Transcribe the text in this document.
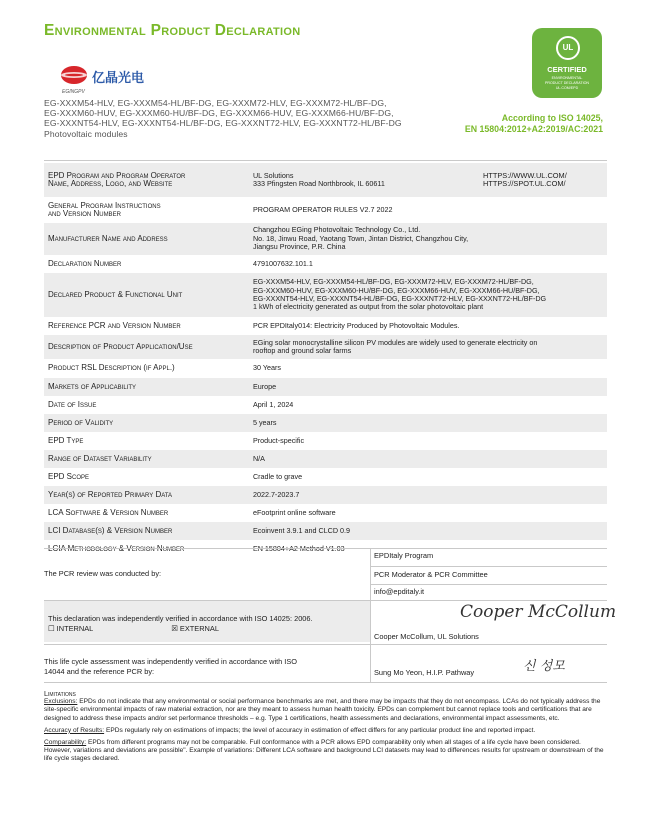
Environmental Product Declaration
UL
CERTIFIED
ENVIRONMENTAL
PRODUCT DECLARATION
UL.COM/EPD
亿晶光电
EGINGPV
EG-XXXM54-HLV, EG-XXXM54-HL/BF-DG, EG-XXXM72-HLV, EG-XXXM72-HL/BF-DG,
EG-XXXM60-HUV, EG-XXXM60-HU/BF-DG, EG-XXXM66-HUV, EG-XXXM66-HU/BF-DG,
EG-XXXNT54-HLV, EG-XXXNT54-HL/BF-DG, EG-XXXNT72-HLV, EG-XXXNT72-HL/BF-DG
Photovoltaic modules
According to ISO 14025,
EN 15804:2012+A2:2019/AC:2021
EPD Program and Program Operator
Name, Address, Logo, and Website

HTTPS://WWW.UL.COM/
HTTPS://SPOT.UL.COM/
UL Solutions
333 Pfingsten Road Northbrook, IL 60611

General Program Instructions
and Version Number	PROGRAM OPERATOR RULES V2.7 2022
Manufacturer Name and Address	
Changzhou EGing Photovoltaic Technology Co., Ltd.
No. 18, Jinwu Road, Yaotang Town, Jintan District, Changzhou City,
Jiangsu Province, P.R. China

Declaration Number	4791007632.101.1
Declared Product & Functional Unit	
EG-XXXM54-HLV, EG-XXXM54-HL/BF-DG, EG-XXXM72-HLV, EG-XXXM72-HL/BF-DG,
EG-XXXM60-HUV, EG-XXXM60-HU/BF-DG, EG-XXXM66-HUV, EG-XXXM66-HU/BF-DG,
EG-XXXNT54-HLV, EG-XXXNT54-HL/BF-DG, EG-XXXNT72-HLV, EG-XXXNT72-HL/BF-DG
1 kWh of electricity generated as output from the solar photovoltaic plant

Reference PCR and Version Number	PCR EPDItaly014: Electricity Produced by Photovoltaic Modules.
Description of Product Application/Use	EGing solar monocrystalline silicon PV modules are widely used to generate electricity on
rooftop and ground solar farms

Product RSL Description (if Appl.)	30 Years
Markets of Applicability	Europe
Date of Issue	April 1, 2024
Period of Validity	5 years
EPD Type	Product-specific
Range of Dataset Variability	N/A
EPD Scope	Cradle to grave
Year(s) of Reported Primary Data	2022.7-2023.7
LCA Software & Version Number	eFootprint online software
LCI Database(s) & Version Number	Ecoinvent 3.9.1 and CLCD 0.9
LCIA Methodology & Version Number	EN 15804+A2 Method V1.03
The PCR review was conducted by:
EPDItaly Program
PCR Moderator & PCR Committee
info@epditaly.it
This declaration was independently verified in accordance with ISO 14025: 2006.
☐ INTERNAL	☒ EXTERNAL
Cooper McCollum
Cooper McCollum, UL Solutions
This life cycle assessment was independently verified in accordance with ISO
14044 and the reference PCR by:	Sung Mo Yeon, H.I.P. Pathway	신 성모

Limitations

Exclusions: EPDs do not indicate that any environmental or social performance benchmarks are met, and there may be impacts that they do not encompass. LCAs do not typically address the site-specific environmental impacts of raw material extraction, nor are they meant to assess human health toxicity. EPDs can complement but cannot replace tools and certifications that are designed to address these impacts and/or set performance thresholds – e.g. Type 1 certifications, health assessments and declarations, environmental impact assessments, etc.

Accuracy of Results: EPDs regularly rely on estimations of impacts; the level of accuracy in estimation of effect differs for any particular product line and reported impact.

Comparability: EPDs from different programs may not be comparable. Full conformance with a PCR allows EPD comparability only when all stages of a life cycle have been considered. However, variations and deviations are possible". Example of variations: Different LCA software and background LCI datasets may lead to differences results for upstream or downstream of the life cycle stages declared.
